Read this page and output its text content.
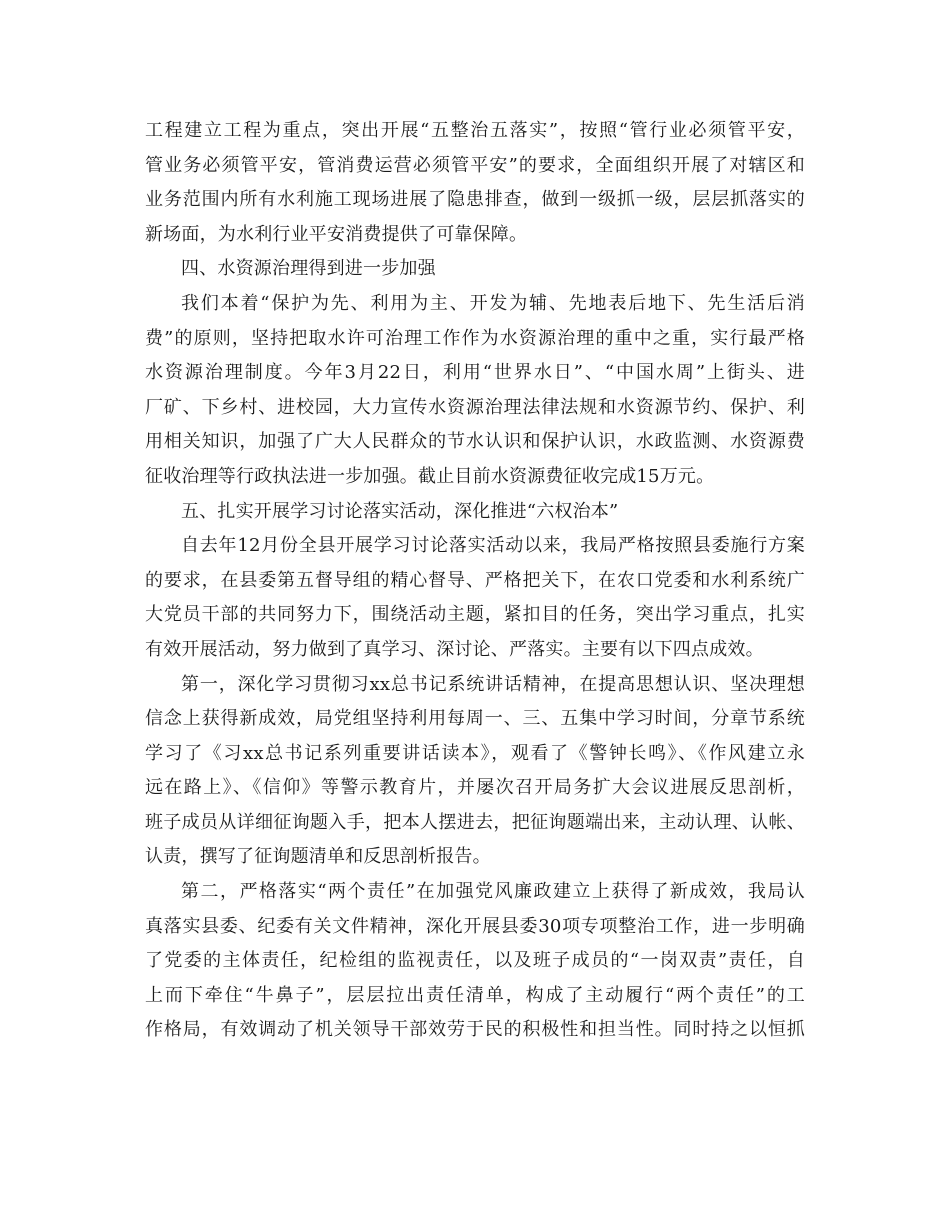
工程建立工程为重点，突出开展“五整治五落实”，按照“管行业必须管平安，
管业务必须管平安，管消费运营必须管平安”的要求，全面组织开展了对辖区和
业务范围内所有水利施工现场进展了隐患排查，做到一级抓一级，层层抓落实的
新场面，为水利行业平安消费提供了可靠保障。
四、水资源治理得到进一步加强
我们本着“保护为先、利用为主、开发为辅、先地表后地下、先生活后消
费”的原则，坚持把取水许可治理工作作为水资源治理的重中之重，实行最严格
水资源治理制度。今年3月22日，利用“世界水日”、“中国水周”上街头、进
厂矿、下乡村、进校园，大力宣传水资源治理法律法规和水资源节约、保护、利
用相关知识，加强了广大人民群众的节水认识和保护认识，水政监测、水资源费
征收治理等行政执法进一步加强。截止目前水资源费征收完成15万元。
五、扎实开展学习讨论落实活动，深化推进“六权治本”
自去年12月份全县开展学习讨论落实活动以来，我局严格按照县委施行方案
的要求，在县委第五督导组的精心督导、严格把关下，在农口党委和水利系统广
大党员干部的共同努力下，围绕活动主题，紧扣目的任务，突出学习重点，扎实
有效开展活动，努力做到了真学习、深讨论、严落实。主要有以下四点成效。
第一，深化学习贯彻习xx总书记系统讲话精神，在提高思想认识、坚决理想
信念上获得新成效，局党组坚持利用每周一、三、五集中学习时间，分章节系统
学习了《习xx总书记系列重要讲话读本》，观看了《警钟长鸣》、《作风建立永
远在路上》、《信仰》等警示教育片，并屡次召开局务扩大会议进展反思剖析，
班子成员从详细征询题入手，把本人摆进去，把征询题端出来，主动认理、认帐、
认责，撰写了征询题清单和反思剖析报告。
第二，严格落实“两个责任”在加强党风廉政建立上获得了新成效，我局认
真落实县委、纪委有关文件精神，深化开展县委30项专项整治工作，进一步明确
了党委的主体责任，纪检组的监视责任，以及班子成员的“一岗双责”责任，自
上而下牵住“牛鼻子”，层层拉出责任清单，构成了主动履行“两个责任”的工
作格局，有效调动了机关领导干部效劳于民的积极性和担当性。同时持之以恒抓
